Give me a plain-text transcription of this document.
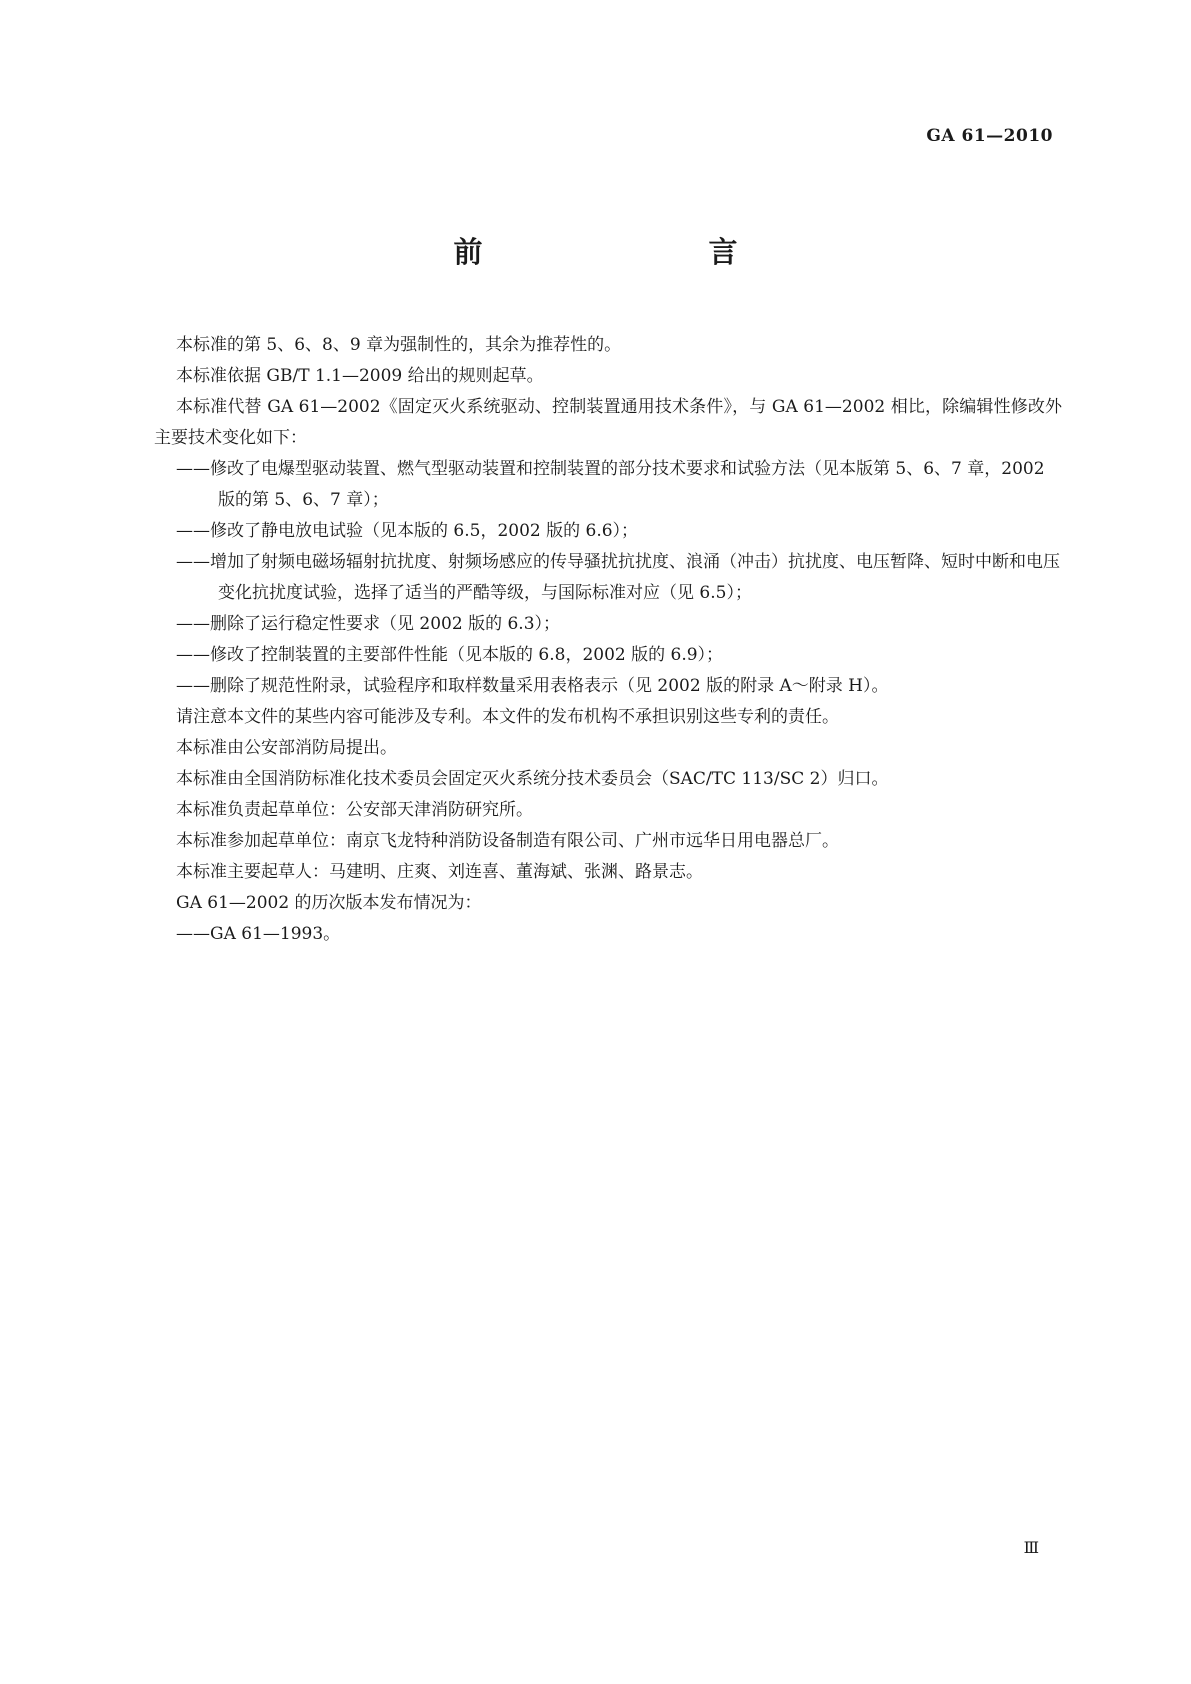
GA 61—2010
前　　言

本标准的第 5、6、8、9 章为强制性的，其余为推荐性的。

本标准依据 GB/T 1.1—2009 给出的规则起草。

本标准代替 GA 61—2002《固定灭火系统驱动、控制装置通用技术条件》，与 GA 61—2002 相比，除编辑性修改外主要技术变化如下：

——修改了电爆型驱动装置、燃气型驱动装置和控制装置的部分技术要求和试验方法（见本版第 5、6、7 章，2002 版的第 5、6、7 章）；

——修改了静电放电试验（见本版的 6.5，2002 版的 6.6）；

——增加了射频电磁场辐射抗扰度、射频场感应的传导骚扰抗扰度、浪涌（冲击）抗扰度、电压暂降、短时中断和电压变化抗扰度试验，选择了适当的严酷等级，与国际标准对应（见 6.5）；

——删除了运行稳定性要求（见 2002 版的 6.3）；

——修改了控制装置的主要部件性能（见本版的 6.8，2002 版的 6.9）；

——删除了规范性附录，试验程序和取样数量采用表格表示（见 2002 版的附录 A～附录 H）。

请注意本文件的某些内容可能涉及专利。本文件的发布机构不承担识别这些专利的责任。

本标准由公安部消防局提出。

本标准由全国消防标准化技术委员会固定灭火系统分技术委员会（SAC/TC 113/SC 2）归口。

本标准负责起草单位：公安部天津消防研究所。

本标准参加起草单位：南京飞龙特种消防设备制造有限公司、广州市远华日用电器总厂。

本标准主要起草人：马建明、庄爽、刘连喜、董海斌、张渊、路景志。

GA 61—2002 的历次版本发布情况为：

——GA 61—1993。

Ⅲ
